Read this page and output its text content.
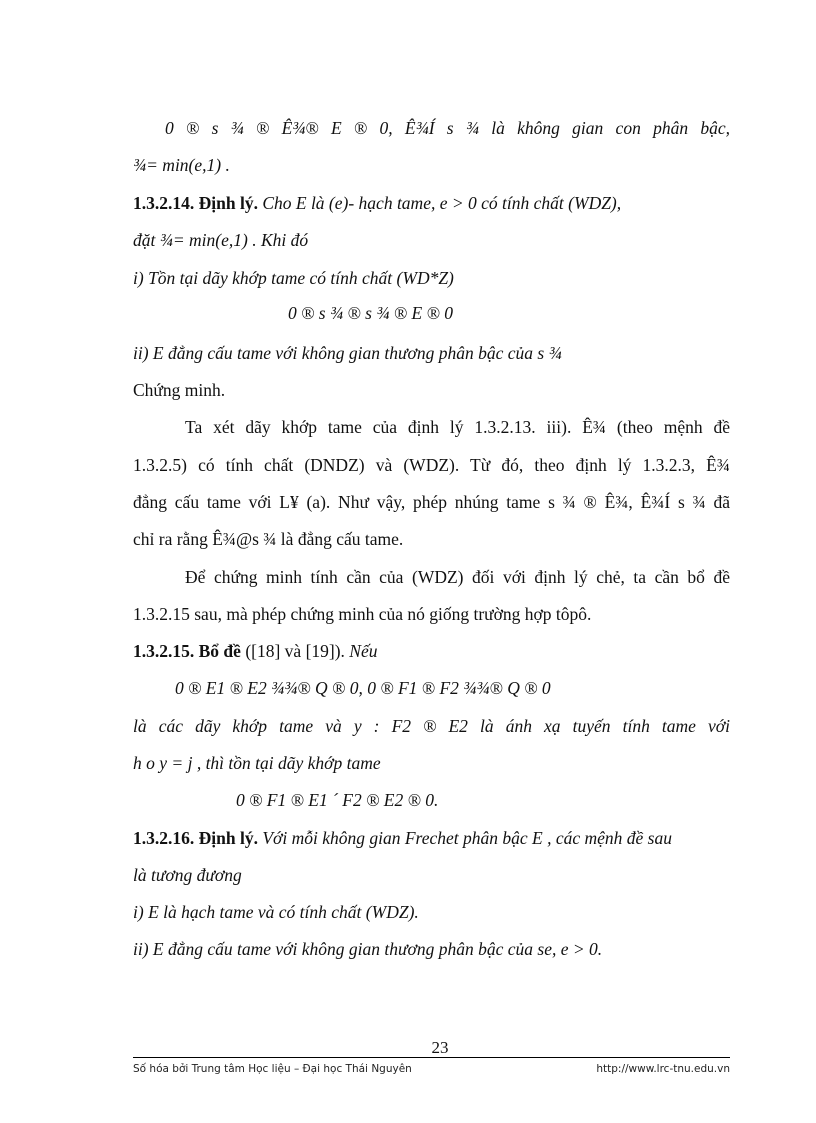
0 ® s ¾ ® Ê¾® E ® 0, Ê¾Í s ¾ là không gian con phân bậc,
¾= min(e,1) .
1.3.2.14. Định lý. Cho E là (e)- hạch tame, e > 0 có tính chất (WDZ),
đặt ¾= min(e,1) . Khi đó
i) Tồn tại dãy khớp tame có tính chất (WD*Z)
0 ® s ¾ ® s ¾ ® E ® 0
ii) E đẳng cấu tame với không gian thương phân bậc của s ¾
Chứng minh.
Ta xét dãy khớp tame của định lý 1.3.2.13. iii). Ê¾ (theo mệnh đề
1.3.2.5) có tính chất (DNDZ) và (WDZ). Từ đó, theo định lý 1.3.2.3, Ê¾
đẳng cấu tame với L¥ (a). Như vậy, phép nhúng tame s ¾ ® Ê¾, Ê¾Í s ¾ đã
chỉ ra rằng Ê¾@s ¾ là đẳng cấu tame.
Để chứng minh tính cần của (WDZ) đối với định lý chẻ, ta cần bổ đề
1.3.2.15 sau, mà phép chứng minh của nó giống trường hợp tôpô.
1.3.2.15. Bổ đề ([18] và [19]). Nếu
0 ® E1 ® E2 ¾¾® Q ® 0, 0 ® F1 ® F2 ¾¾® Q ® 0
là các dãy khớp tame và y : F2 ® E2 là ánh xạ tuyến tính tame với
h o y = j , thì tồn tại dãy khớp tame
0 ® F1 ® E1 ´ F2 ® E2 ® 0.
1.3.2.16. Định lý. Với mỗi không gian Frechet phân bậc E , các mệnh đề sau
là tương đương
i) E là hạch tame và có tính chất (WDZ).
ii) E đẳng cấu tame với không gian thương phân bậc của se, e > 0.
23
Số hóa bởi Trung tâm Học liệu – Đại học Thái Nguyên	http://www.lrc-tnu.edu.vn
